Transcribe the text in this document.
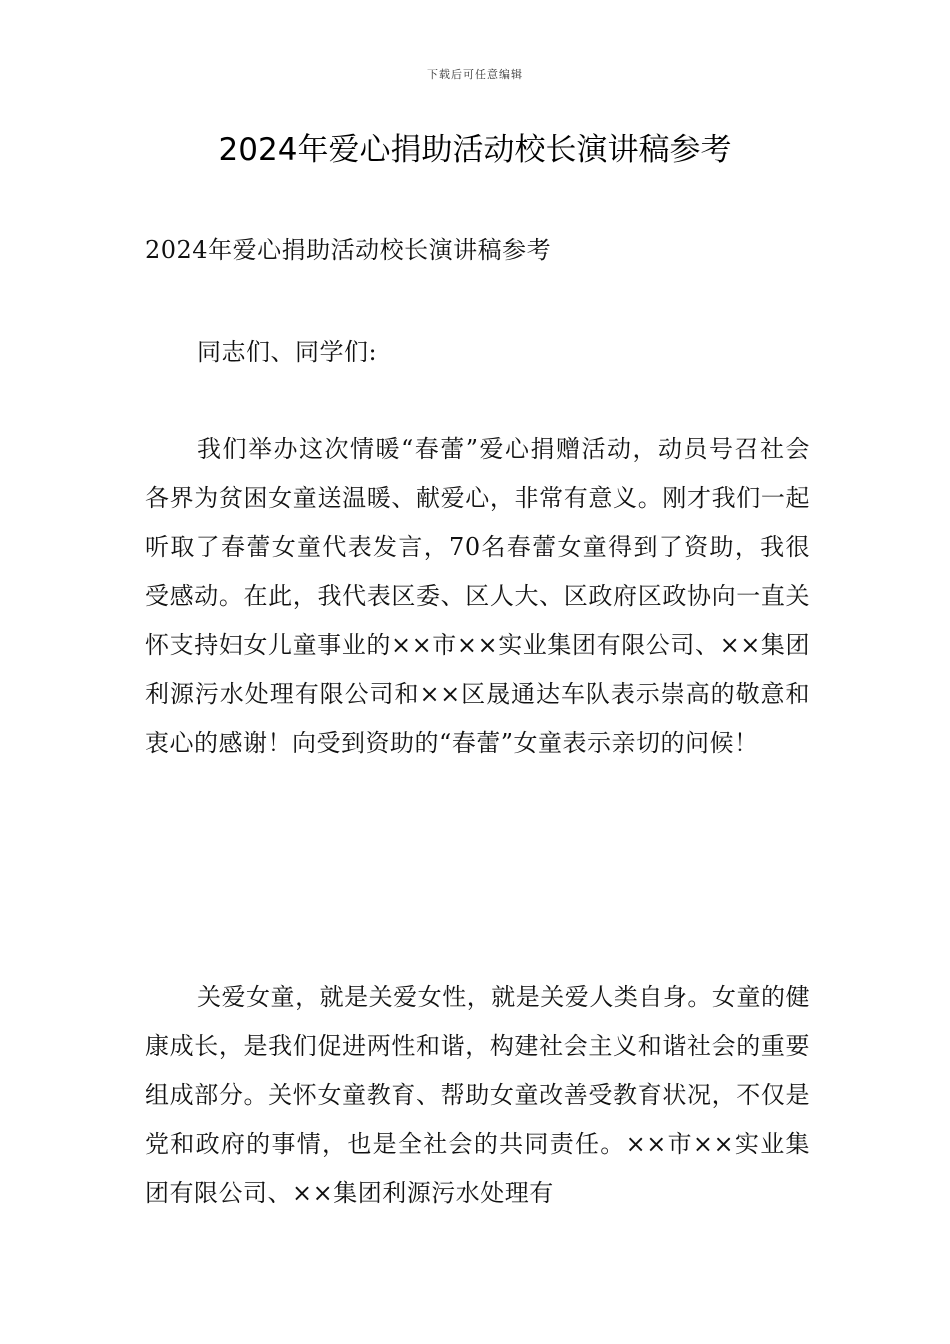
下载后可任意编辑
2024年爱心捐助活动校长演讲稿参考

2024年爱心捐助活动校长演讲稿参考

同志们、同学们:

我们举办这次情暖“春蕾”爱心捐赠活动，动员号召社会各界为贫困女童送温暖、献爱心，非常有意义。刚才我们一起听取了春蕾女童代表发言，70名春蕾女童得到了资助，我很受感动。在此，我代表区委、区人大、区政府区政协向一直关怀支持妇女儿童事业的××市××实业集团有限公司、××集团利源污水处理有限公司和××区晟通达车队表示崇高的敬意和衷心的感谢！向受到资助的“春蕾”女童表示亲切的问候！

关爱女童，就是关爱女性，就是关爱人类自身。女童的健康成长，是我们促进两性和谐，构建社会主义和谐社会的重要组成部分。关怀女童教育、帮助女童改善受教育状况，不仅是党和政府的事情，也是全社会的共同责任。××市××实业集团有限公司、××集团利源污水处理有
